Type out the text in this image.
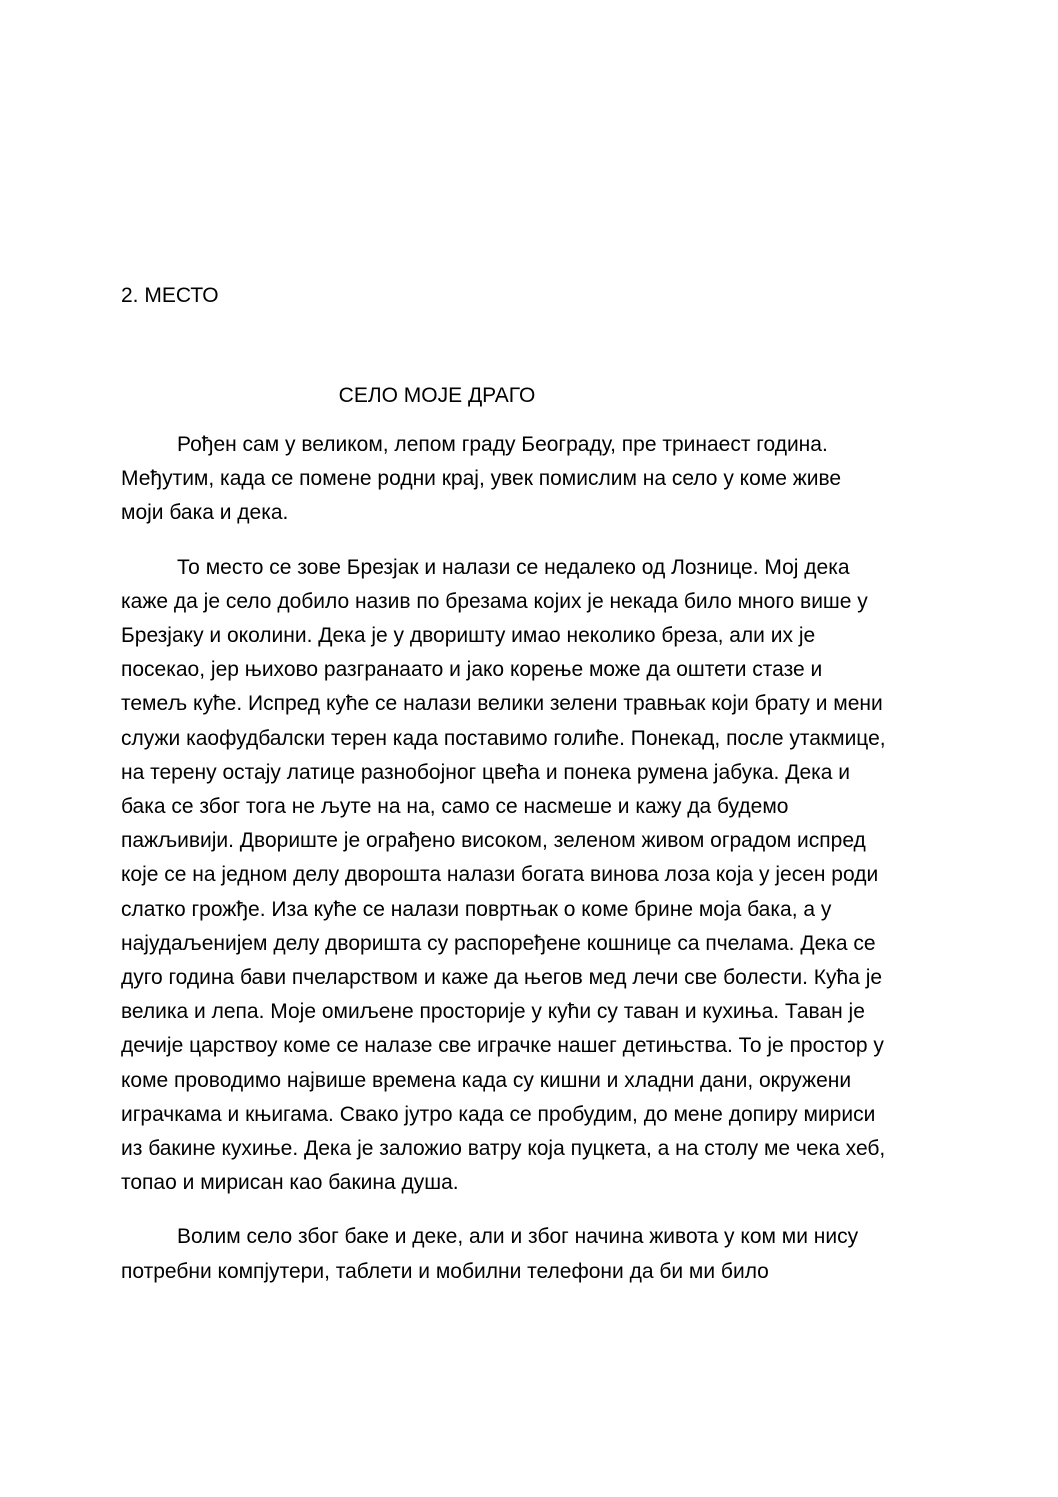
2. МЕСТО
СЕЛО МОЈЕ ДРАГО

Рођен сам у великом, лепом граду Београду, пре тринаест година.
Међутим, када се помене родни крај, увек помислим на село у коме живе
моји бака и дека.

То место се зове Брезјак и налази се недалеко од Лознице. Мој дека
каже да је село добило назив по брезама којих је некада било много више у
Брезјаку и околини. Дека је у дворишту имао неколико бреза, али их је
посекао, јер њихово разгранаато и јако корење може да оштети стазе и
темељ куће. Испред куће се налази велики зелени травњак који брату и мени
служи каофудбалски терен када поставимо голиће. Понекад, после утакмице,
на терену остају латице разнобојног цвећа и понека румена јабука. Дека и
бака се због тога не љуте на на, само се насмеше и кажу да будемо
пажљивији. Двориште је ограђено високом, зеленом живом оградом испред
које се на једном делу дворошта налази богата винова лоза која у јесен роди
слатко грожђе. Иза куће се налази повртњак о коме брине моја бака, а у
најудаљенијем делу дворишта су распоређене кошнице са пчелама. Дека се
дуго година бави пчеларством и каже да његов мед лечи све болести. Кућа је
велика и лепа. Моје омиљене просторије у кући су таван и кухиња. Таван је
дечије царствоу коме се налазе све играчке нашег детињства. То је простор у
коме проводимо највише времена када су кишни и хладни дани, окружени
играчкама и књигама. Свако јутро када се пробудим, до мене допиру мириси
из бакине кухиње. Дека је заложио ватру која пуцкета, а на столу ме чека хеб,
топао и мирисан као бакина душа.

Волим село због баке и деке, али и због начина живота у ком ми нису
потребни компјутери, таблети и мобилни телефони да би ми било
